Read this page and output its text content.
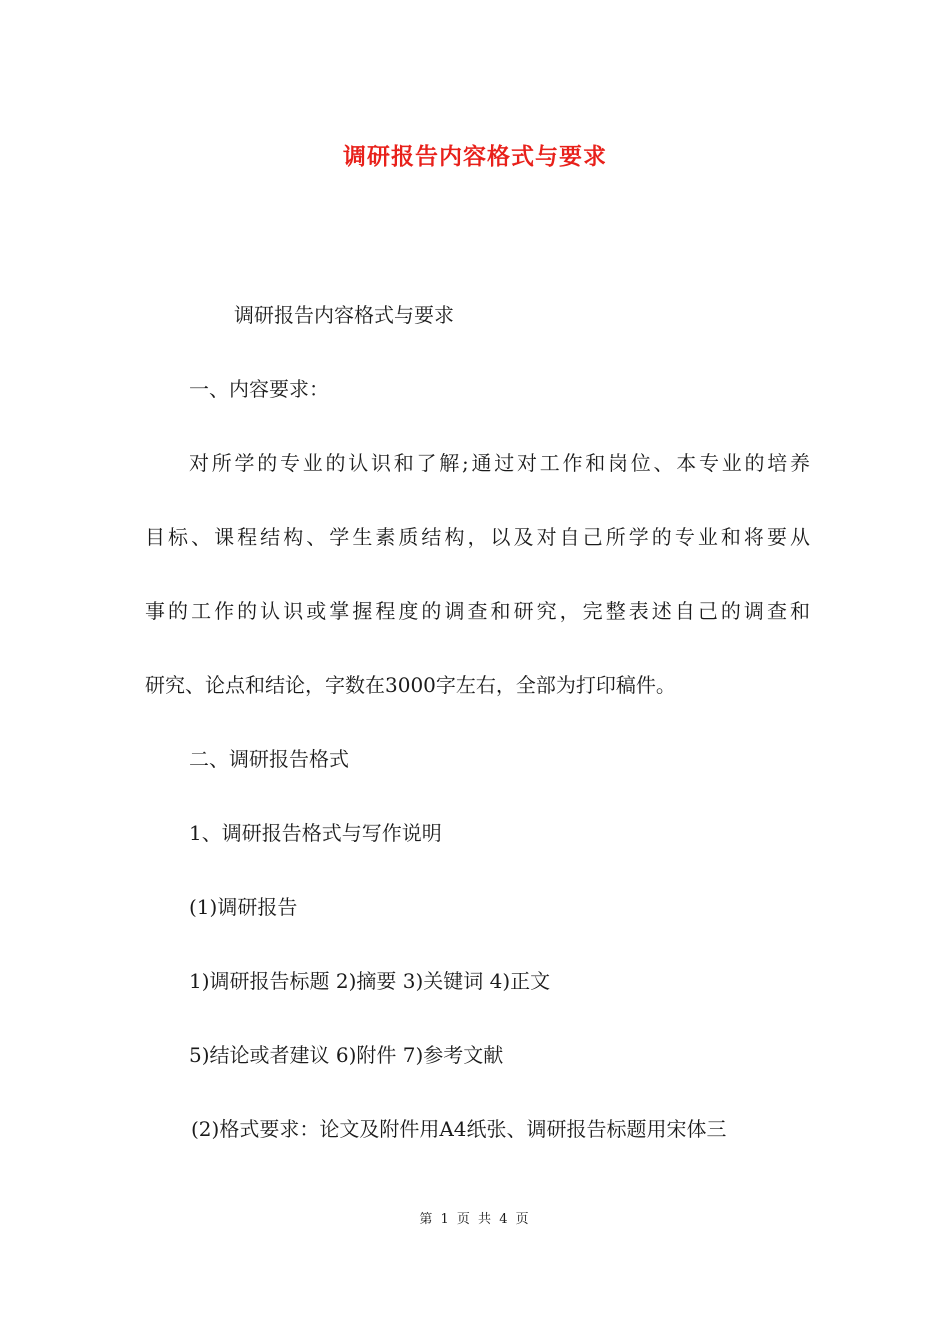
调研报告内容格式与要求

调研报告内容格式与要求

一、内容要求：

对所学的专业的认识和了解;通过对工作和岗位、本专业的培养

目标、课程结构、学生素质结构，以及对自己所学的专业和将要从

事的工作的认识或掌握程度的调查和研究，完整表述自己的调查和

研究、论点和结论，字数在3000字左右，全部为打印稿件。

二、调研报告格式

1、调研报告格式与写作说明

(1)调研报告

1)调研报告标题 2)摘要 3)关键词 4)正文

5)结论或者建议 6)附件 7)参考文献

(2)格式要求：论文及附件用A4纸张、调研报告标题用宋体三

第 1 页 共 4 页
